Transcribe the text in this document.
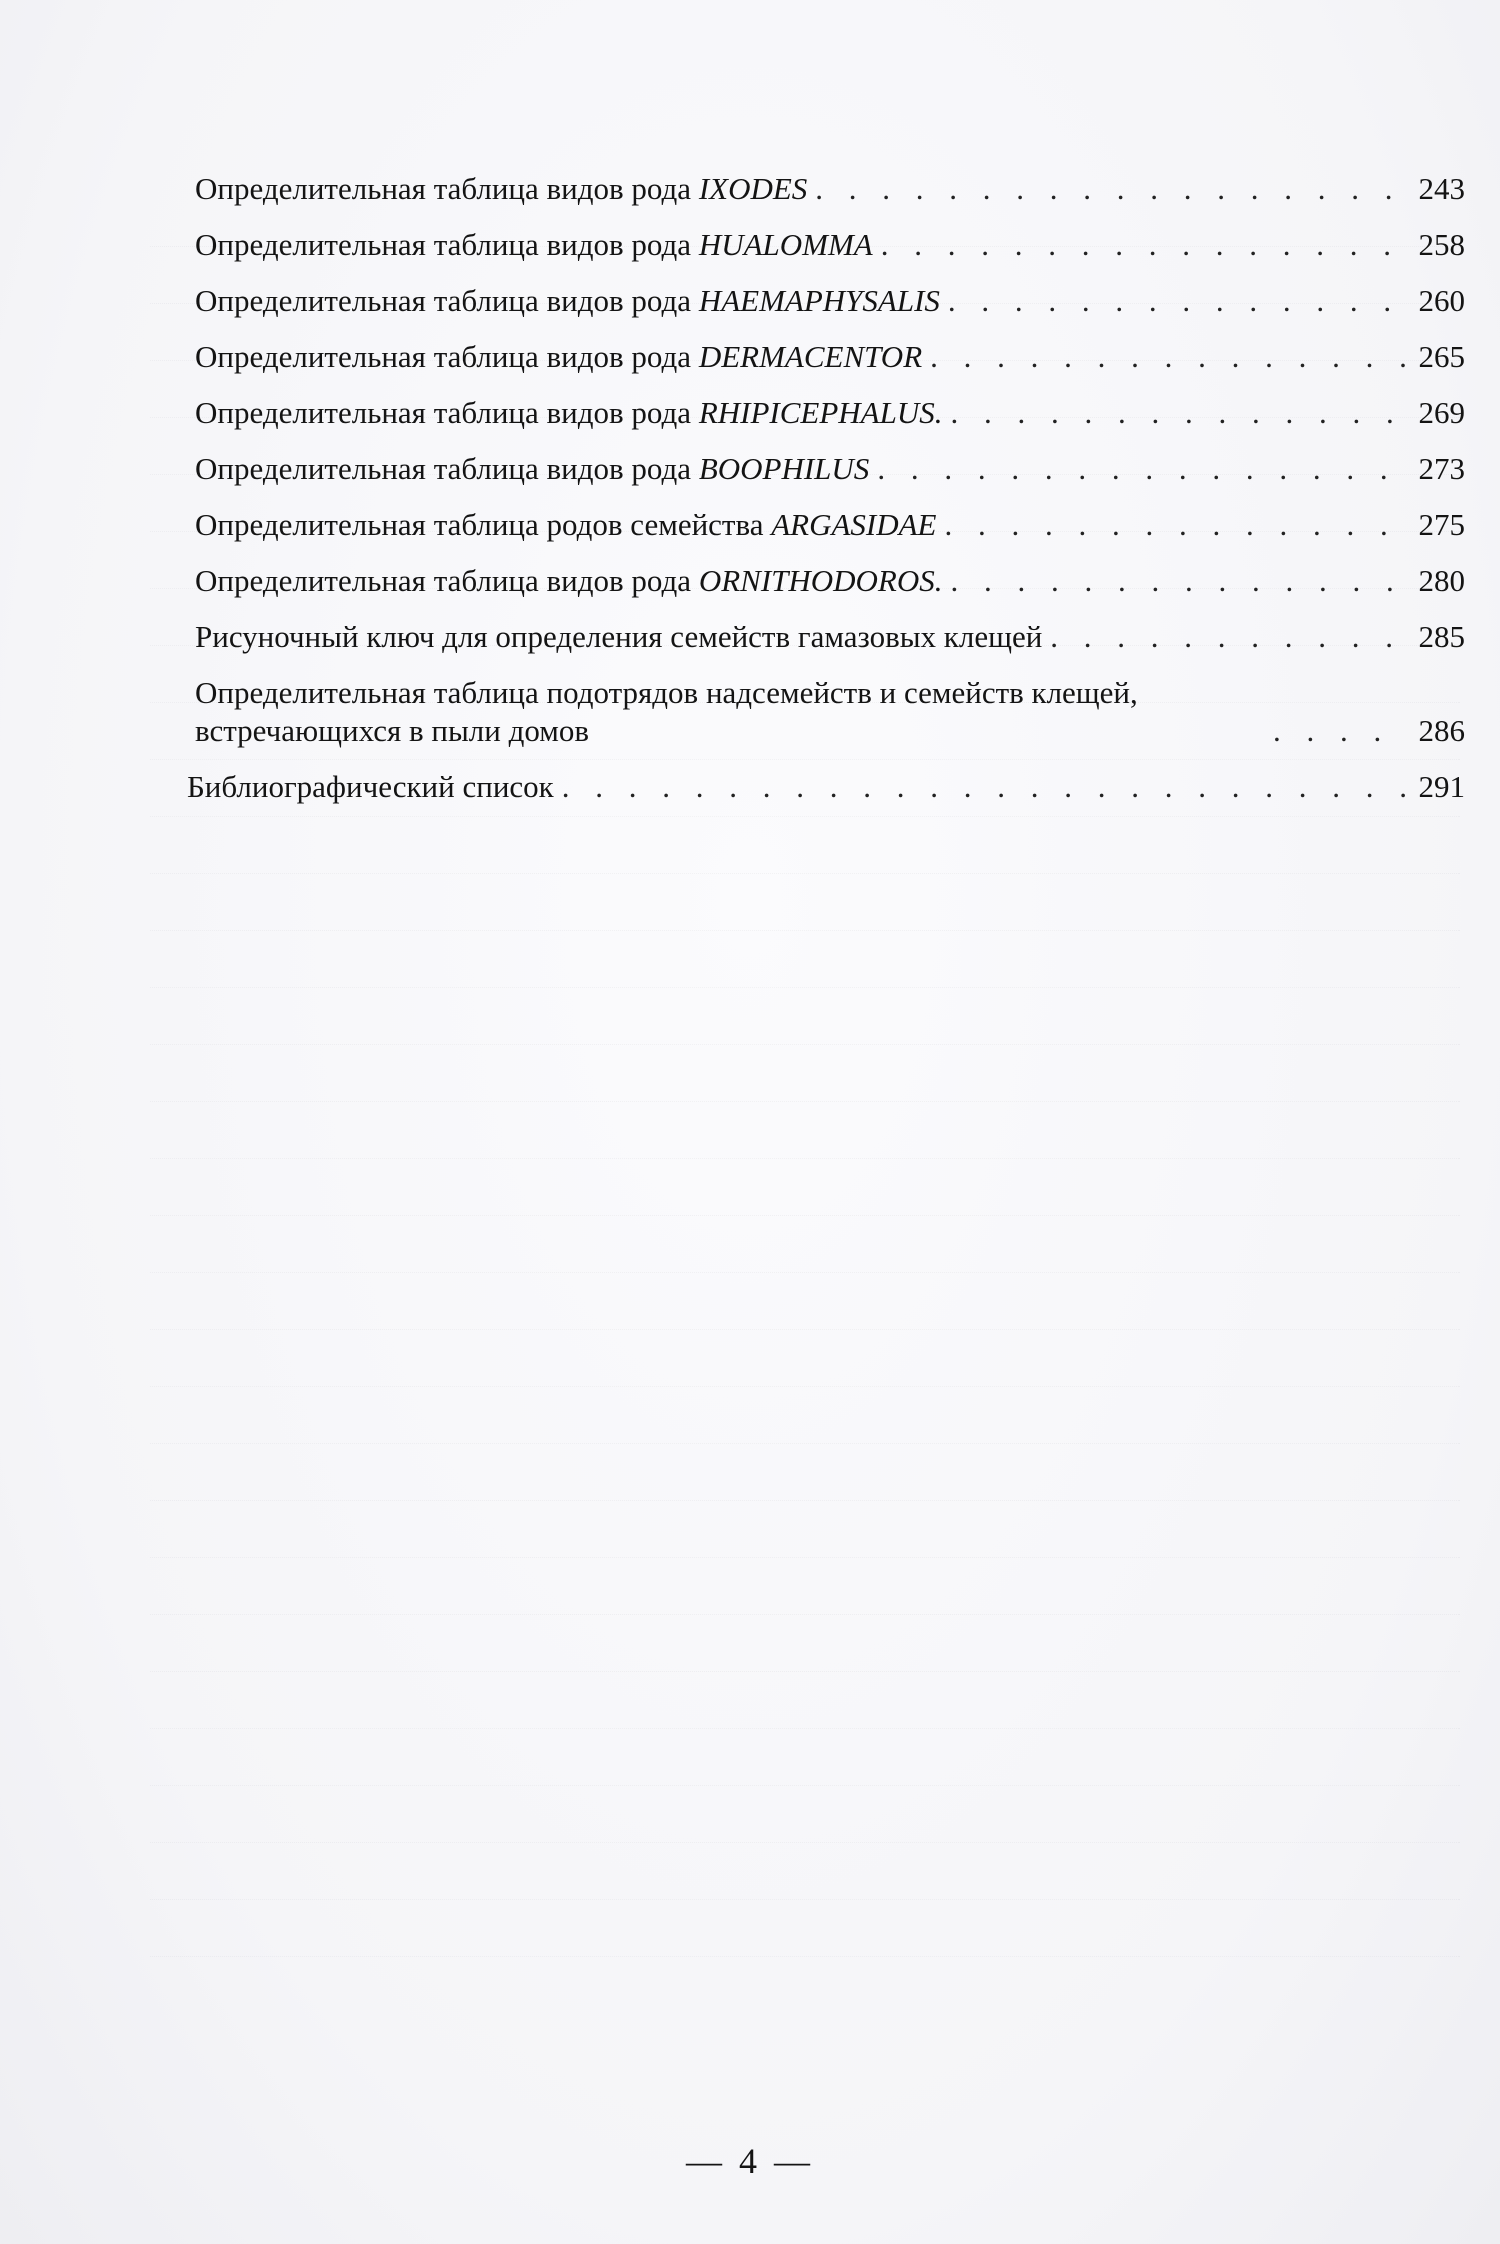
Определительная таблица видов рода IXODES . . .	243
Определительная таблица видов рода HUALOMMA . . .	258
Определительная таблица видов рода HAEMAPHYSALIS . . .	260
Определительная таблица видов рода DERMACENTOR . . .	265
Определительная таблица видов рода RHIPICEPHALUS. . . .	269
Определительная таблица видов рода BOOPHILUS . . .	273
Определительная таблица родов семейства ARGASIDAE . . .	275
Определительная таблица видов рода ORNITHODOROS. . . .	280
Рисуночный ключ для определения семейств гамазовых клещей . . .	285
Определительная таблица подотрядов надсемейств и семейств клещей, встречающихся в пыли домов . . .	286
Библиографический список . . .	291
— 4 —
